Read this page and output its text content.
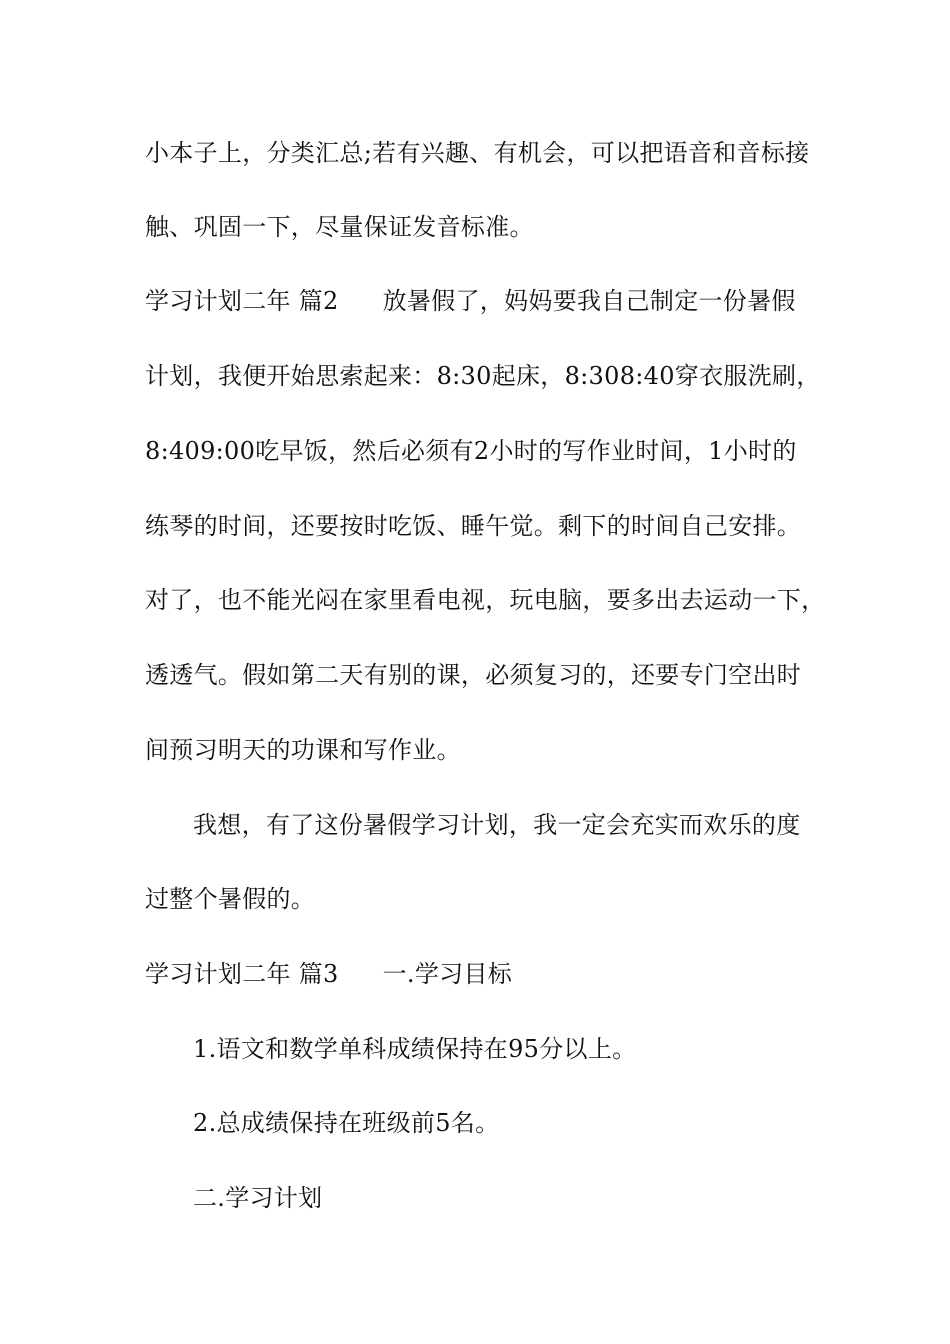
小本子上，分类汇总;若有兴趣、有机会，可以把语音和音标接
触、巩固一下，尽量保证发音标准。
学习计划二年 篇2 放暑假了，妈妈要我自己制定一份暑假
计划，我便开始思索起来：8:30起床，8:308:40穿衣服洗刷，
8:409:00吃早饭，然后必须有2小时的写作业时间，1小时的
练琴的时间，还要按时吃饭、睡午觉。剩下的时间自己安排。
对了，也不能光闷在家里看电视，玩电脑，要多出去运动一下，
透透气。假如第二天有别的课，必须复习的，还要专门空出时
间预习明天的功课和写作业。
我想，有了这份暑假学习计划，我一定会充实而欢乐的度
过整个暑假的。
学习计划二年 篇3 一.学习目标
1.语文和数学单科成绩保持在95分以上。
2.总成绩保持在班级前5名。
二.学习计划
